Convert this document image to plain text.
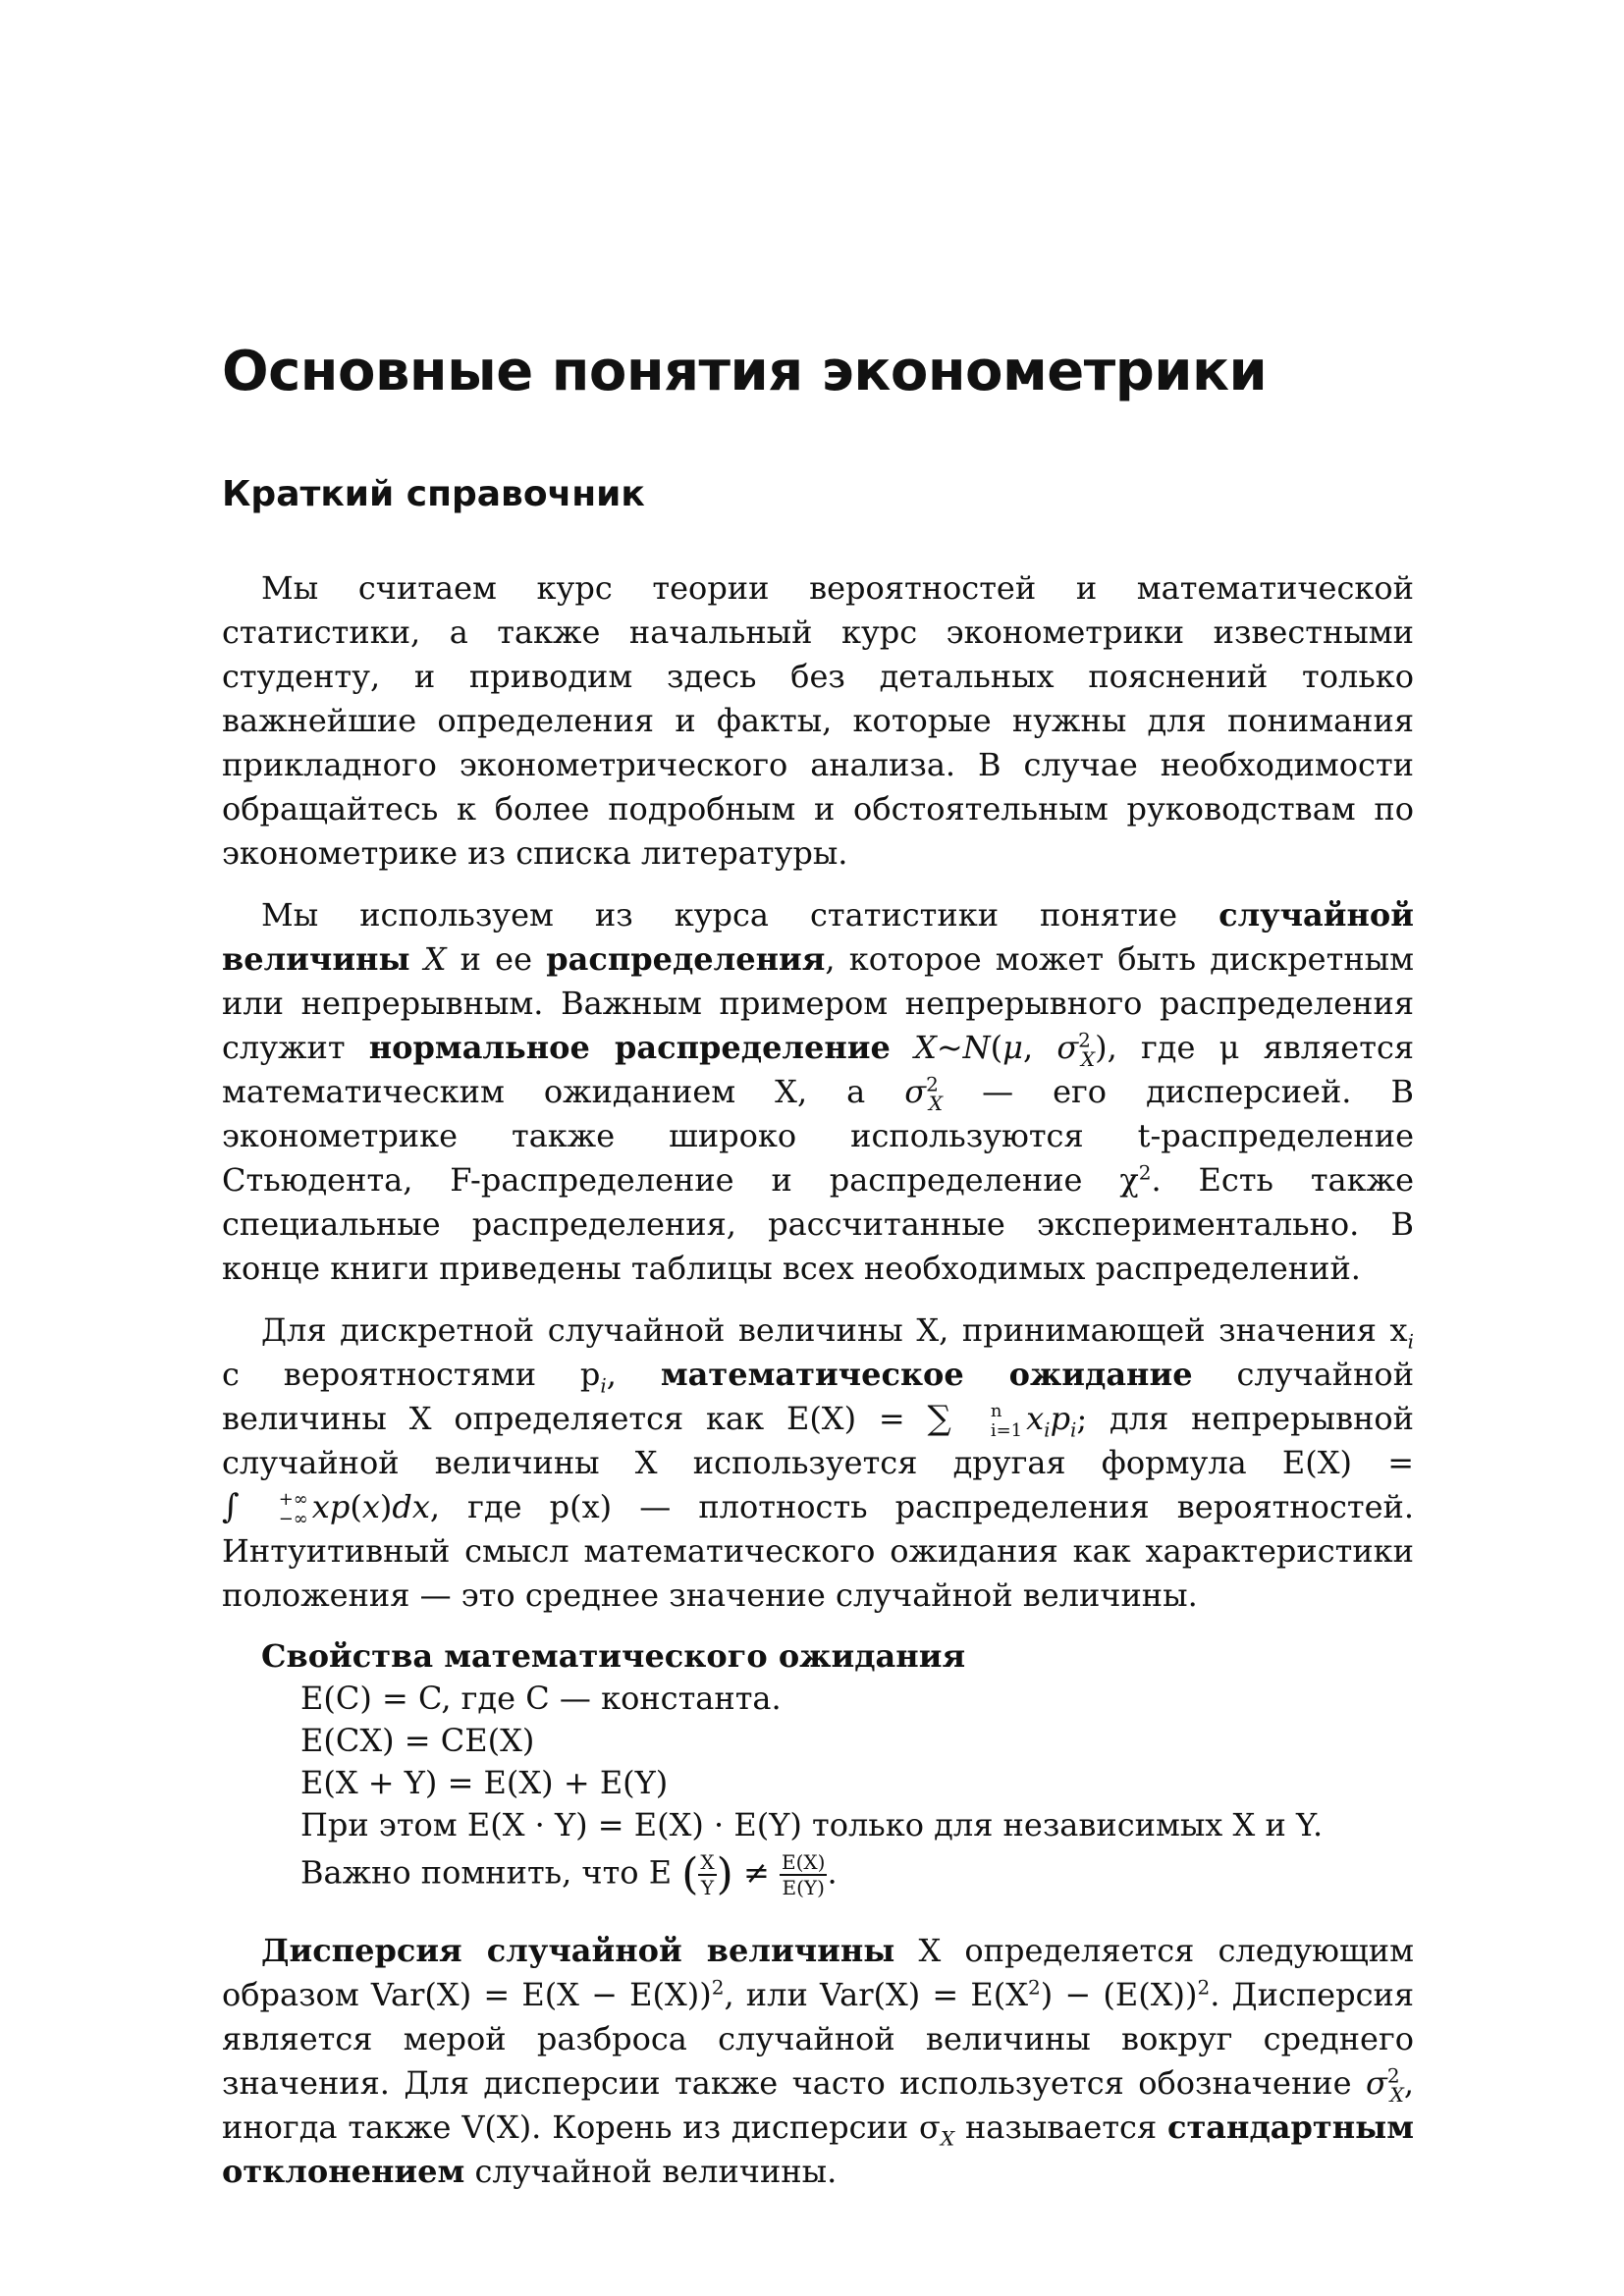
Основные понятия эконометрики
Краткий справочник

Мы считаем курс теории вероятностей и математической статистики, а также начальный курс эконометрики известными студенту, и приводим здесь без детальных пояснений только важнейшие определения и факты, которые нужны для понимания прикладного эконометрического анализа. В случае необходимости обращайтесь к более подробным и обстоятельным руководствам по эконометрике из списка литературы.

Мы используем из курса статистики понятие случайной величины X и ее распределения, которое может быть дискретным или непрерывным. Важным примером непрерывного распределения служит нормальное распределение X~N(μ, $\sigma^2_X$), где μ является математическим ожиданием X, а $\sigma^2_X$ — его дисперсией. В эконометрике также широко используются t-распределение Стьюдента, F-распределение и распределение $\chi^2$. Есть также специальные распределения, рассчитанные экспериментально. В конце книги приведены таблицы всех необходимых распределений.

Для дискретной случайной величины X, принимающей значения $x_i$ с вероятностями $p_i$, математическое ожидание случайной величины X определяется как E(X) = ∑	n
i=1 $x_ip_i$; для непрерывной случайной величины X используется другая формула E(X) = ∫	+∞
−∞ xp(x)dx, где p(x) — плотность распределения вероятностей. Интуитивный смысл математического ожидания как характеристики положения — это среднее значение случайной величины.

Свойства математического ожидания
E(C) = C, где C — константа.
E(CX) = CE(X)
E(X + Y) = E(X) + E(Y)
При этом E(X · Y) = E(X) · E(Y) только для независимых X и Y.
Важно помнить, что E ( $\frac{X}{Y}$ ) ≠ $\frac{E(X)}{E(Y)}$ .

Дисперсия случайной величины X определяется следующим образом $Var(X) = E(X - E(X))^2$, или $Var(X) = E(X^2) - (E(X))^2$. Дисперсия является мерой разброса случайной величины вокруг среднего значения. Для дисперсии также часто используется обозначение $\sigma^2_X$, иногда также V(X). Корень из дисперсии $\sigma_X$ называется стандартным отклонением случайной величины.
